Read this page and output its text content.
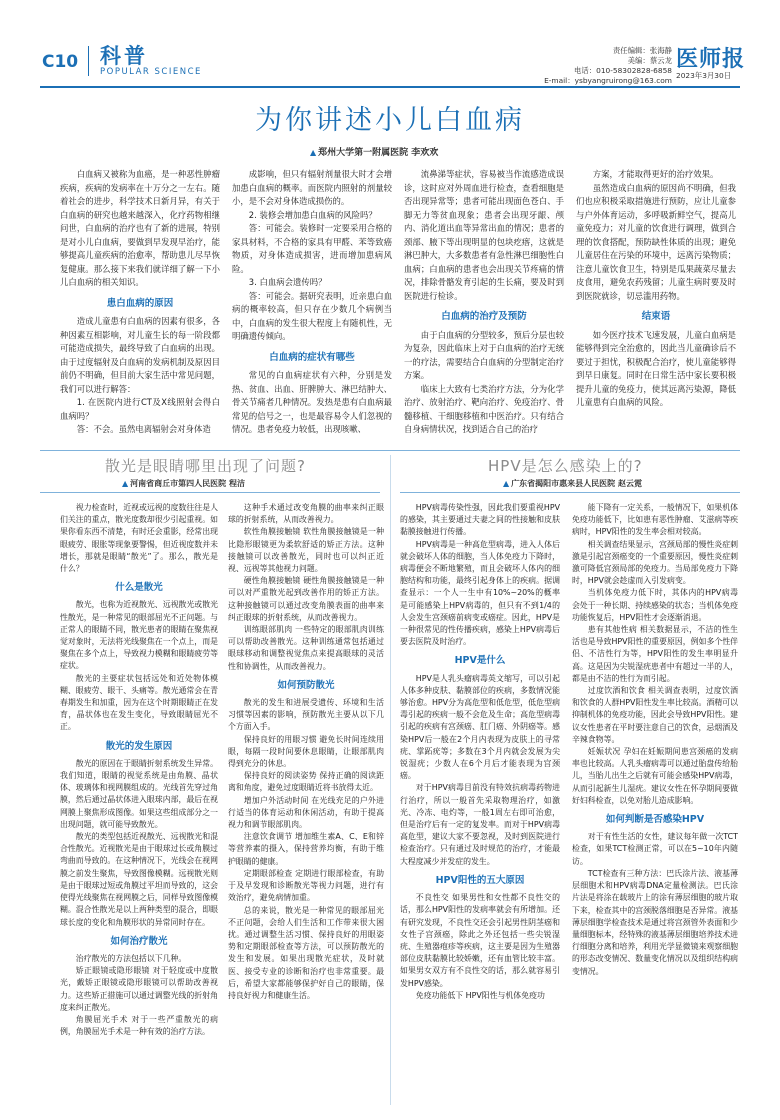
C10 科普
POPULAR SCIENCE
责任编辑：张海静
美编：蔡云龙
电话：010-58302828-6858
E-mail：ysbyangruirong@163.com
医师报
2023年3月30日
为你讲述小儿白血病
▲ 郑州大学第一附属医院 李欢欢

白血病又被称为血癌，是一种恶性肿瘤疾病，疾病的发病率在十万分之一左右。随着社会的进步，科学技术日新月异，有关于白血病的研究也越来越深入，化疗药物相继问世，白血病的治疗也有了新的进展，特别是对小儿白血病，要做到早发现早治疗，能够提高儿童疾病的治愈率，帮助患儿尽早恢复健康。那么接下来我们就详细了解一下小儿白血病的相关知识。

患白血病的原因

造成儿童患有白血病的因素有很多，各种因素互相影响，对儿童生长的每一阶段都可能造成损失，最终导致了白血病的出现。由于过度辐射及白血病的发病机制及原因目前仍不明确，但目前大家生活中常见问题，我们可以进行解答：

1. 在医院内进行CT及X线照射会得白血病吗？

答：不会。虽然电离辐射会对身体造

成影响，但只有辐射剂量很大时才会增加患白血病的概率。而医院内照射的剂量较小，是不会对身体造成损伤的。

2. 装修会增加患白血病的风险吗？

答：可能会。装修时一定要采用合格的家具材料，不合格的家具有甲醛、苯等致癌物质，对身体造成损害，进而增加患病风险。

3. 白血病会遗传吗？

答：可能会。据研究表明，近亲患白血病的概率较高，但只存在少数几个病例当中，白血病的发生很大程度上有随机性，无明确遗传倾向。

白血病的症状有哪些

常见的白血病症状有六种，分别是发热、贫血、出血、肝脾肿大、淋巴结肿大、骨关节痛者几种情况。发热是患有白血病最常见的信号之一，也是最容易令人们忽视的情况。患者免疫力较低，出现咳嗽、

流鼻涕等症状，容易被当作流感造成误诊，这时应对外周血进行检查，查看细胞是否出现异常等；患者可能出现面色苍白、手脚无力等贫血现象；患者会出现牙龈、颅内、消化道出血等异常出血的情况；患者的颈部、腋下等出现明显的包块疙瘩，这就是淋巴肿大，大多数患者有急性淋巴细胞性白血病；白血病的患者也会出现关节疼痛的情况，排除骨骼发育引起的生长痛，要及时到医院进行检诊。

白血病的治疗及预防

由于白血病的分型较多，预后分层也较为复杂，因此临床上对于白血病的治疗无统一的疗法，需要结合白血病的分型制定治疗方案。

临床上大致有七类治疗方法，分为化学治疗、放射治疗、靶向治疗、免疫治疗、骨髓移植、干细胞移植和中医治疗。只有结合自身病情状况，找到适合自己的治疗

方案，才能取得更好的治疗效果。

虽然造成白血病的原因尚不明确，但我们也应积极采取措施进行预防，应让儿童参与户外体育运动，多呼吸新鲜空气，提高儿童免疫力；对儿童的饮食进行调理，做到合理的饮食搭配，预防缺性体质的出现；避免儿童居住在污染的环境中，远离污染物质；注意儿童饮食卫生，特别是瓜果蔬菜尽量去皮食用，避免农药残留；儿童生病时要及时到医院就诊，切忌滥用药物。

结束语

如今医疗技术飞速发展，儿童白血病是能够得到完全治愈的，因此当儿童确诊后不要过于担忧，积极配合治疗，使儿童能够得到早日康复。同时在日常生活中家长要积极提升儿童的免疫力，使其远离污染源，降低儿童患有白血病的风险。

散光是眼睛哪里出现了问题?
▲ 河南省商丘市第四人民医院 程洁
HPV是怎么感染上的?
▲ 广东省揭阳市惠来县人民医院 赵云霓

视力检查时，近视或远视的度数往往是人们关注的重点，散光度数却很少引起重视。如果你看东西不清楚，有时还会重影，经常出现眼疲劳、眼胀等现象要警惕，但近视度数并未增长，那就是眼睛“散光”了。那么，散光是什么？

什么是散光

散光，也称为近视散光、远视散光或散光性散光，是一种常见的眼部屈光不正问题。与正常人的眼睛不同，散光患者的眼睛在聚焦视觉对象时，无法将光线聚焦在一个点上，而是聚焦在多个点上，导致视力模糊和眼睛疲劳等症状。

散光的主要症状包括远处和近处物体模糊、眼疲劳、眼干、头痛等。散光通常会在青春期发生和加重，因为在这个时期眼睛正在发育，晶状体也在发生变化，导致眼睛屈光不正。

散光的发生原因

散光的原因在于眼睛折射系统发生异常。我们知道，眼睛的视觉系统是由角膜、晶状体、玻璃体和视网膜组成的。光线首先穿过角膜，然后通过晶状体进入眼球内部，最后在视网膜上聚焦形成图像。如果这些组成部分之一出现问题，就可能导致散光。

散光的类型包括近视散光、远视散光和混合性散光。近视散光是由于眼球过长或角膜过弯曲而导致的。在这种情况下，光线会在视网膜之前发生聚焦，导致图像模糊。远视散光则是由于眼球过短或角膜过平坦而导致的，这会使得光线聚焦在视网膜之后，同样导致图像模糊。混合性散光是以上两种类型的混合，即眼球长度的变化和角膜形状的异常同时存在。

如何治疗散光

治疗散光的方法包括以下几种。

矫正眼镜或隐形眼镜 对于轻度或中度散光，戴矫正眼镜或隐形眼镜可以帮助改善视力。这些矫正措施可以通过调整光线的折射角度来纠正散光。

角膜屈光手术 对于一些严重散光的病例，角膜屈光手术是一种有效的治疗方法。

这种手术通过改变角膜的曲率来纠正眼球的折射系统，从而改善视力。

软性角膜接触镜 软性角膜接触镜是一种比隐形眼镜更为柔软舒适的矫正方法。这种接触镜可以改善散光，同时也可以纠正近视、远视等其他视力问题。

硬性角膜接触镜 硬性角膜接触镜是一种可以对严重散光起到改善作用的矫正方法。这种接触镜可以通过改变角膜表面的曲率来纠正眼球的折射系统，从而改善视力。

训练眼部肌肉 一些特定的眼部肌肉训练可以帮助改善散光。这种训练通常包括通过眼球移动和调整视觉焦点来提高眼球的灵活性和协调性，从而改善视力。

如何预防散光

散光的发生和进展受遗传、环境和生活习惯等因素的影响，预防散光主要从以下几个方面入手。

保持良好的用眼习惯 避免长时间连续用眼，每隔一段时间要休息眼睛，让眼部肌肉得到充分的休息。

保持良好的阅读姿势 保持正确的阅读距离和角度，避免过度眼睛近将书放得太近。

增加户外活动时间 在光线充足的户外进行适当的体育运动和休闲活动，有助于提高视力和调节眼部肌肉。

注意饮食调节 增加维生素A、C、E和锌等营养素的摄入，保持营养均衡，有助于维护眼睛的健康。

定期眼部检查 定期进行眼部检查，有助于及早发现和诊断散光等视力问题，进行有效治疗，避免病情加重。

总的来说，散光是一种常见的眼部屈光不正问题，会给人们生活和工作带来很大困扰。通过调整生活习惯、保持良好的用眼姿势和定期眼部检查等方法，可以预防散光的发生和发展。如果出现散光症状，及时就医、接受专业的诊断和治疗也非常重要。最后，希望大家都能够保护好自己的眼睛，保持良好视力和健康生活。

HPV病毒传染性强，因此我们要重视HPV的感染，其主要通过夫妻之间的性接触和皮肤黏膜接触进行传播。

HPV病毒是一种高危型病毒，进入人体后就会破坏人体的细胞，当人体免疫力下降时，病毒便会不断地繁殖，而且会破坏人体内的细胞结构和功能，最终引起身体上的疾病。据调查显示：一个人一生中有10%~20%的概率是可能感染上HPV病毒的，但只有不到1/4的人会发生宫颈癌前病变或癌症。因此，HPV是一种很常见的性传播疾病，感染上HPV病毒后要去医院及时治疗。

HPV是什么

HPV是人乳头瘤病毒英文缩写，可以引起人体多种皮肤、黏膜部位的疾病，多数情况能够治愈。HPV分为高危型和低危型，低危型病毒引起的疾病一般不会危及生命；高危型病毒引起的疾病有宫颈癌、肛门癌、外阴癌等。感染HPV后一般在2个月内表现为皮肤上的寻常疣、掌跖疣等；多数在3个月内就会发展为尖锐湿疣；少数人在6个月后才能表现为宫颈癌。

对于HPV病毒目前没有特效抗病毒药物进行治疗，所以一般首先采取物理治疗，如激光、冷冻、电灼等，一般1周左右即可治愈，但是治疗后有一定的复发率。而对于HPV病毒高危型，建议大家不要忽视，及时到医院进行检查治疗。只有通过及时规范的治疗，才能最大程度减少并发症的发生。

HPV阳性的五大原因

不良性交 如果男性和女性都不良性交的话，那么HPV阳性的发病率就会有所增加。还有研究发现，不良性交还会引起男性阴茎癌和女性子宫颈癌，除此之外还包括一些尖锐湿疣、生殖器疱疹等疾病，这主要是因为生殖器部位皮肤黏膜比较娇嫩，还有血管比较丰富。如果男女双方有不良性交的话，那么就容易引发HPV感染。

免疫功能低下 HPV阳性与机体免疫功

能下降有一定关系，一般情况下，如果机体免疫功能低下，比如患有恶性肿瘤、艾滋病等疾病时，HPV阳性的发生率会相对较高。

相关调查结果显示，宫颈局部的慢性炎症刺激是引起宫颈癌变的一个重要原因，慢性炎症刺激可降低宫颈局部的免疫力。当局部免疫力下降时，HPV就会趁虚而入引发病变。

当机体免疫力低下时，其体内的HPV病毒会处于一种长期、持续感染的状态；当机体免疫功能恢复后，HPV阳性才会逐渐消退。

患有其他性病 相关数据显示，不洁的性生活也是导致HPV阳性的重要原因，例如多个性伴侣、不洁性行为等，HPV阳性的发生率明显升高。这是因为尖锐湿疣患者中有超过一半的人，都是由不洁的性行为而引起。

过度饮酒和饮食 相关调查表明，过度饮酒和饮食的人群HPV阳性发生率比较高。酒精可以抑制机体的免疫功能，因此会导致HPV阳性。建议女性患者在平时要注意自己的饮食，忌烟酒及辛辣食物等。

妊娠状况 孕妇在妊娠期间患宫颈癌的发病率也比较高。人乳头瘤病毒可以通过胎盘传给胎儿，当胎儿出生之后就有可能会感染HPV病毒，从而引起新生儿湿疣。建议女性在怀孕期间要做好妇科检查，以免对胎儿造成影响。

如何判断是否感染HPV

对于有性生活的女性，建议每年做一次TCT检查，如果TCT检测正常，可以在5~10年内随访。

TCT检查有三种方法：巴氏涂片法、液基薄层细胞术和HPV病毒DNA定量检测法。巴氏涂片法是将涂在载玻片上的涂有薄层细胞的玻片取下来，检查其中的宫颈脱落细胞是否异常。液基薄层细胞学检查技术是通过将宫颈管外表面和少量细胞标本，经特殊的液基薄层细胞培养技术进行细胞分离和培养，利用光学显微镜来观察细胞的形态改变情况、数量变化情况以及组织结构病变情况。
